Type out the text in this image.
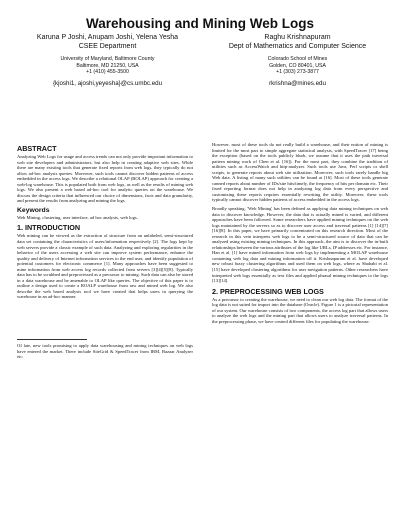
Warehousing and Mining Web Logs
Karuna P Joshi, Anupam Joshi, Yelena Yesha
CSEE Department
University of Maryland, Baltimore County
Baltimore, MD 21250, USA
+1 (410) 455-3500
{kjoshi1, ajoshi,yeyesha}@cs.umbc.edu
Raghu Krishnapuram
Dept of Mathematics and Computer Science
Colorado School of Mines
Golden, CO 80401, USA
+1 (303) 273-3877
rkrishna@mines.edu
ABSTRACT

Analyzing Web Logs for usage and access trends can not only provide important information to web site developers and administrators, but also help in creating adaptive web sites. While there are many existing tools that generate fixed reports from web logs, they typically do not allow ad-hoc analysis queries. Moreover, such tools cannot discover hidden patterns of access embedded in the access logs. We describe a relational OLAP (ROLAP) approach for creating a web-log warehouse. This is populated both from web logs, as well as the results of mining web logs. We also present a web based ad-hoc tool for analytic queries on the warehouse. We discuss the design criteria that influenced our choice of dimensions, facts and data granularity, and present the results from analyzing and mining the logs.

Keywords

Web Mining, clustering, user interface, ad hoc analysis, web logs.

1. INTRODUCTION

Web mining can be viewed as the extraction of structure from an unlabeled, semi-structured data set containing the characteristics of users/information respectively [2]. The logs kept by web servers provide a classic example of such data. Analyzing and exploring regularities in the behavior of the users accessing a web site can improve system performance, enhance the quality and delivery of Internet information services to the end user, and identify population of potential customers for electronic commerce [1]. Many approaches have been suggested to mine information from web access log records collected from servers [3][4][5][8]. Typically data has to be scrubbed and preprocessed as a precursor to mining. Such data can also be stored in a data warehouse and be amenable to OLAP like queries. The objective of this paper is to outline a design used to create a ROALP warehouse from raw and mined web log. We also describe the web based analysis tool we have created that helps users in querying the warehouse in an ad-hoc manner.

Of late, new tools promising to apply data warehousing and mining techniques on web logs have entered the market. There include SiteGrid & SpeedTracer from IBM, Bazaar Analyzer etc.

However, most of these tools do not really build a warehouse, and their notion of mining is limited for the most part to simple aggregate statistical analysis, with SpeedTracer [17] being the exception (based on the tools publicly blurb, we assume that it uses the path traversal pattern mining work of Chen et al. [16]). For the most part, they combine the tradition of utilities such as AccessWatch and http-analyzer. Such tools use Java, Perl scripts or shell scripts, to generate reports about web site utilization. Moreover, such tools rarely handle big Web data. A listing of many such utilities can be found at [16]. Most of these tools generate canned reports about number of IDs/site hits/timely, the frequency of hits per domain etc. Their fixed reporting format does not help in analyzing log data from every perspective and customizing these reports requires essentially rewriting the utility. Moreover, these tools typically cannot discover hidden patterns of access embedded in the access logs.

Broadly speaking, 'Web Mining' has been defined as applying data mining techniques on web data to discover knowledge. However, the data that is actually mined is varied, and different approaches have been followed. Some researchers have applied mining techniques on the web logs maintained by the servers so as to discover user access and traversal patterns [1] [14][7][16][8]. In this paper, we have primarily concentrated on this research direction. Most of the research in this vein interprets web logs to be a semi-structured source of data that can be analyzed using existing mining techniques. In this approach, the aim is to discover the in-built relationships between the various attributes of the log like URLs, IP addresses etc. For instance, Han et al. [1] have mined information from web logs by implementing a MOLAP warehouse containing web log data and mining information off it. Krishnapuram et al. have developed new robust fuzzy clustering algorithms and used them on web logs, where as Shahabi et al. [15] have developed clustering algorithms for user navigation patterns. Other researchers have interpreted web logs essentially as text files and applied phrasal mining techniques to the logs [13][14].

2. PREPROCESSING WEB LOGS

As a precursor to creating the warehouse, we need to clean our web log data. The format of the log data is not suited for import into the database (Oracle). Figure 1 is a pictorial representation of our system. Our warehouse consists of two components, the access log part that allows users to analyze the web logs and the mining part that allows users to analyze traversal patterns. In the preprocessing phase, we have created different files for populating the warehouse.
